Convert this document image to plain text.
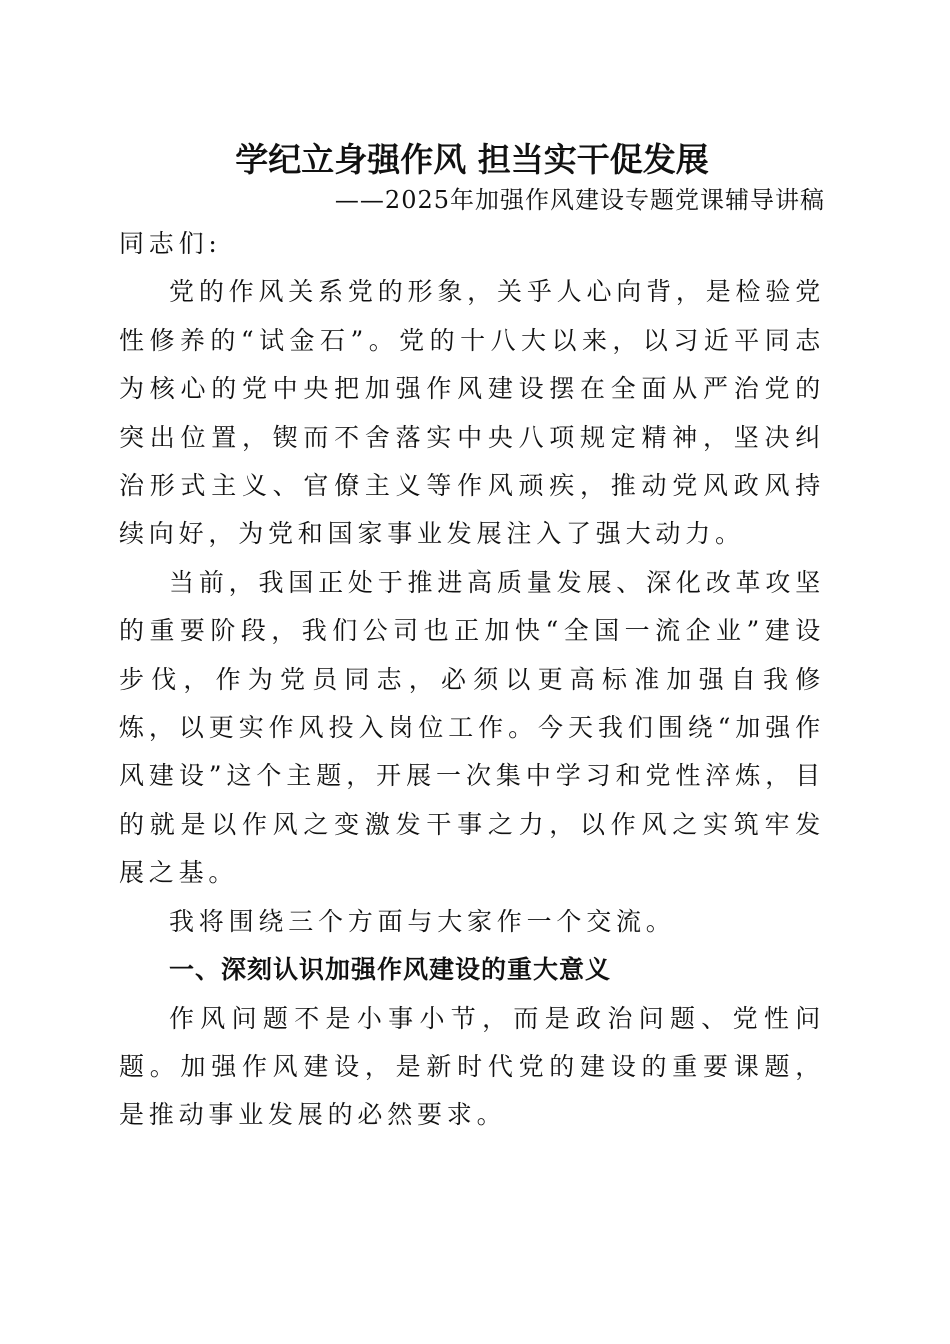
学纪立身强作风 担当实干促发展

——2025年加强作风建设专题党课辅导讲稿

同志们:

党的作风关系党的形象，关乎人心向背，是检验党性修养的“试金石”。党的十八大以来，以习近平同志为核心的党中央把加强作风建设摆在全面从严治党的突出位置，锲而不舍落实中央八项规定精神，坚决纠治形式主义、官僚主义等作风顽疾，推动党风政风持续向好，为党和国家事业发展注入了强大动力。

当前，我国正处于推进高质量发展、深化改革攻坚的重要阶段，我们公司也正加快“全国一流企业”建设步伐，作为党员同志，必须以更高标准加强自我修炼，以更实作风投入岗位工作。今天我们围绕“加强作风建设”这个主题，开展一次集中学习和党性淬炼，目的就是以作风之变激发干事之力，以作风之实筑牢发展之基。

我将围绕三个方面与大家作一个交流。

一、深刻认识加强作风建设的重大意义

作风问题不是小事小节，而是政治问题、党性问题。加强作风建设，是新时代党的建设的重要课题，是推动事业发展的必然要求。
